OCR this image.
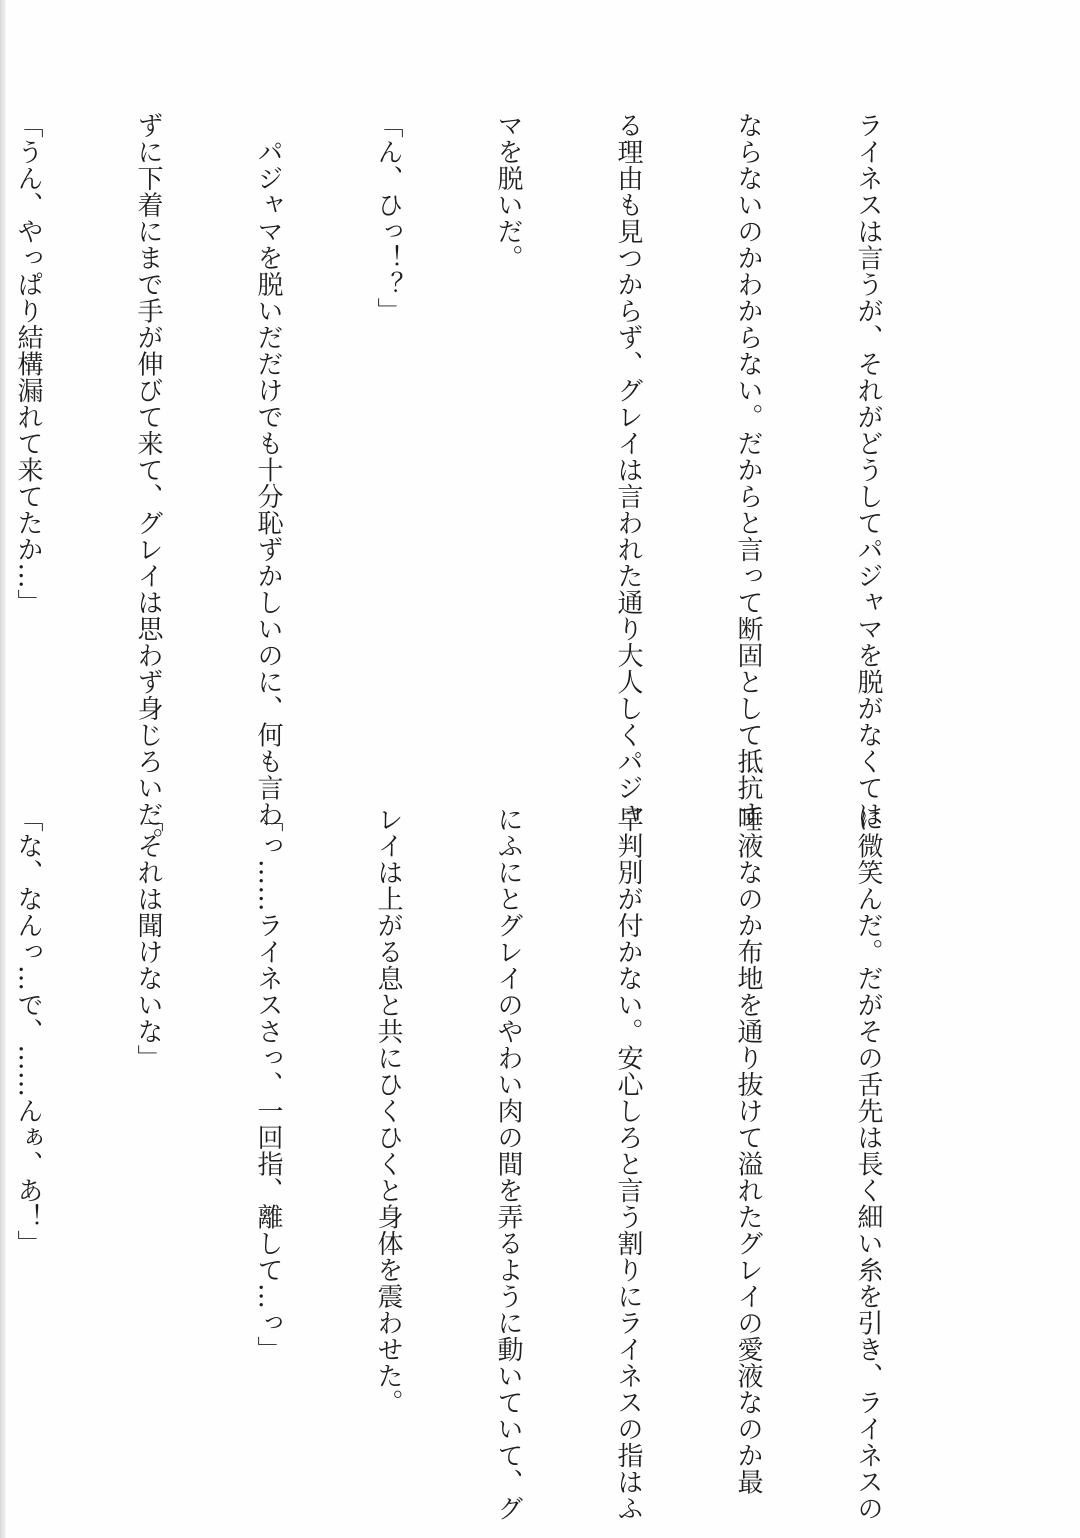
ライネスは言うが、それがどうしてパジャマを脱がなくては

ならないのかわからない。だからと言って断固として抵抗す

る理由も見つからず、グレイは言われた通り大人しくパジャ

マを脱いだ。

「ん、ひっ！？」

　パジャマを脱いだだけでも十分恥ずかしいのに、何も言わ

ずに下着にまで手が伸びて来て、グレイは思わず身じろいだ。

「うん、やっぱり結構漏れて来てたか…」

に微笑んだ。だがその舌先は長く細い糸を引き、ライネスの

唾液なのか布地を通り抜けて溢れたグレイの愛液なのか最

早判別が付かない。安心しろと言う割りにライネスの指はふ

にふにとグレイのやわい肉の間を弄るように動いていて、グ

レイは上がる息と共にひくひくと身体を震わせた。

「っ……ライネスさっ、一回指、離して…っ」

「それは聞けないな」

「な、なんっ…で、……んぁ、あ！」
